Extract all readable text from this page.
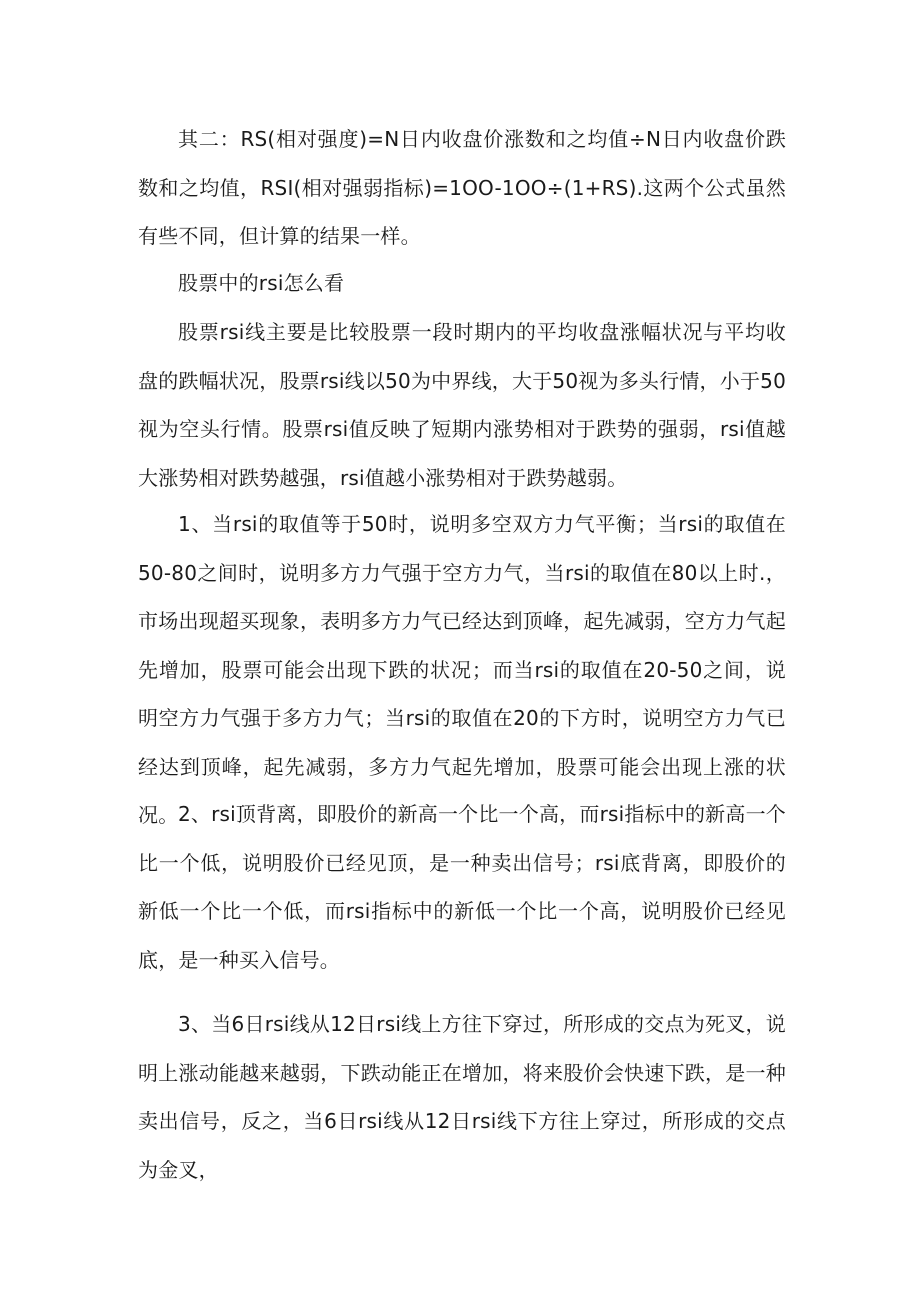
其二：RS(相对强度)=N日内收盘价涨数和之均值÷N日内收盘价跌数和之均值，RSI(相对强弱指标)=1OO-1OO÷(1+RS).这两个公式虽然有些不同，但计算的结果一样。

股票中的rsi怎么看

股票rsi线主要是比较股票一段时期内的平均收盘涨幅状况与平均收盘的跌幅状况，股票rsi线以50为中界线，大于50视为多头行情，小于50视为空头行情。股票rsi值反映了短期内涨势相对于跌势的强弱，rsi值越大涨势相对跌势越强，rsi值越小涨势相对于跌势越弱。

1、当rsi的取值等于50时，说明多空双方力气平衡；当rsi的取值在50-80之间时，说明多方力气强于空方力气，当rsi的取值在80以上时.，市场出现超买现象，表明多方力气已经达到顶峰，起先减弱，空方力气起先增加，股票可能会出现下跌的状况；而当rsi的取值在20-50之间，说明空方力气强于多方力气；当rsi的取值在20的下方时，说明空方力气已经达到顶峰，起先减弱，多方力气起先增加，股票可能会出现上涨的状况。 2、rsi顶背离，即股价的新高一个比一个高，而rsi指标中的新高一个比一个低，说明股价已经见顶，是一种卖出信号；rsi底背离，即股价的新低一个比一个低，而rsi指标中的新低一个比一个高，说明股价已经见底，是一种买入信号。

3、当6日rsi线从12日rsi线上方往下穿过，所形成的交点为死叉，说明上涨动能越来越弱，下跌动能正在增加，将来股价会快速下跌，是一种卖出信号，反之，当6日rsi线从12日rsi线下方往上穿过，所形成的交点为金叉，
